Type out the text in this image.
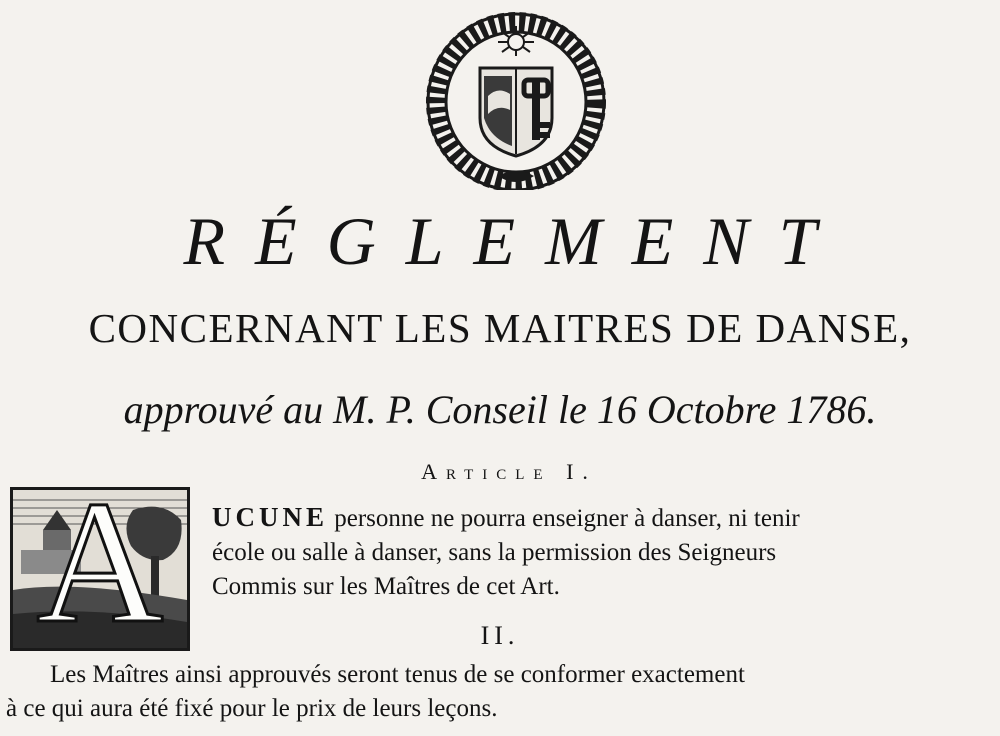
RÉGLEMENT
CONCERNANT LES MAITRES DE DANSE,
approuvé au M. P. Conseil le 16 Octobre 1786.
Article I.
A	UCUNE personne ne pourra enseigner à danser, ni tenir
école ou salle à danser, sans la permission des Seigneurs
Commis sur les Maîtres de cet Art.
II.
Les Maîtres ainsi approuvés seront tenus de se conformer exactement
à ce qui aura été fixé pour le prix de leurs leçons.
